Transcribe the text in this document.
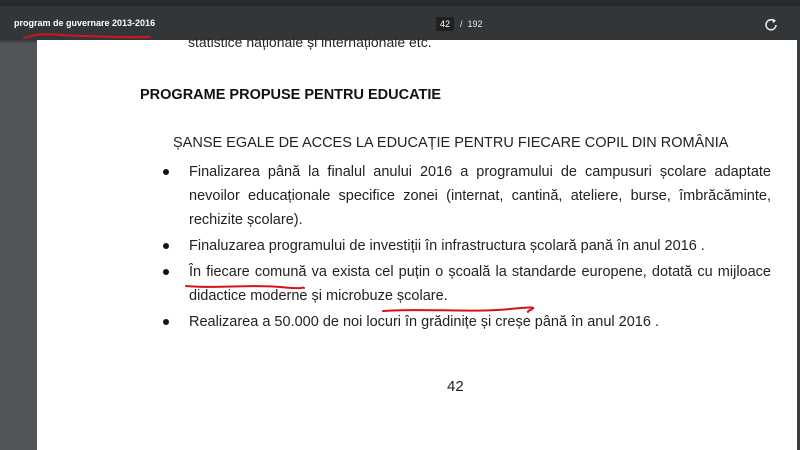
program de guvernare 2013-2016	42	/ 192
statistice naționale și internaționale etc.
PROGRAME PROPUSE PENTRU EDUCATIE
ȘANSE EGALE DE ACCES LA EDUCAȚIE PENTRU FIECARE COPIL DIN ROMÂNIA
Finalizarea până la finalul anului 2016 a programului de campusuri școlare adaptate nevoilor educaționale specifice zonei (internat, cantină, ateliere, burse, îmbrăcăminte, rechizite școlare).
Finaluzarea programului de investiții în infrastructura școlară pană în anul 2016 .
În fiecare comună va exista cel puțin o școală la standarde europene, dotată cu mijloace didactice moderne și microbuze școlare.
Realizarea a 50.000 de noi locuri în grădinițe și creșe până în anul 2016 .
42
